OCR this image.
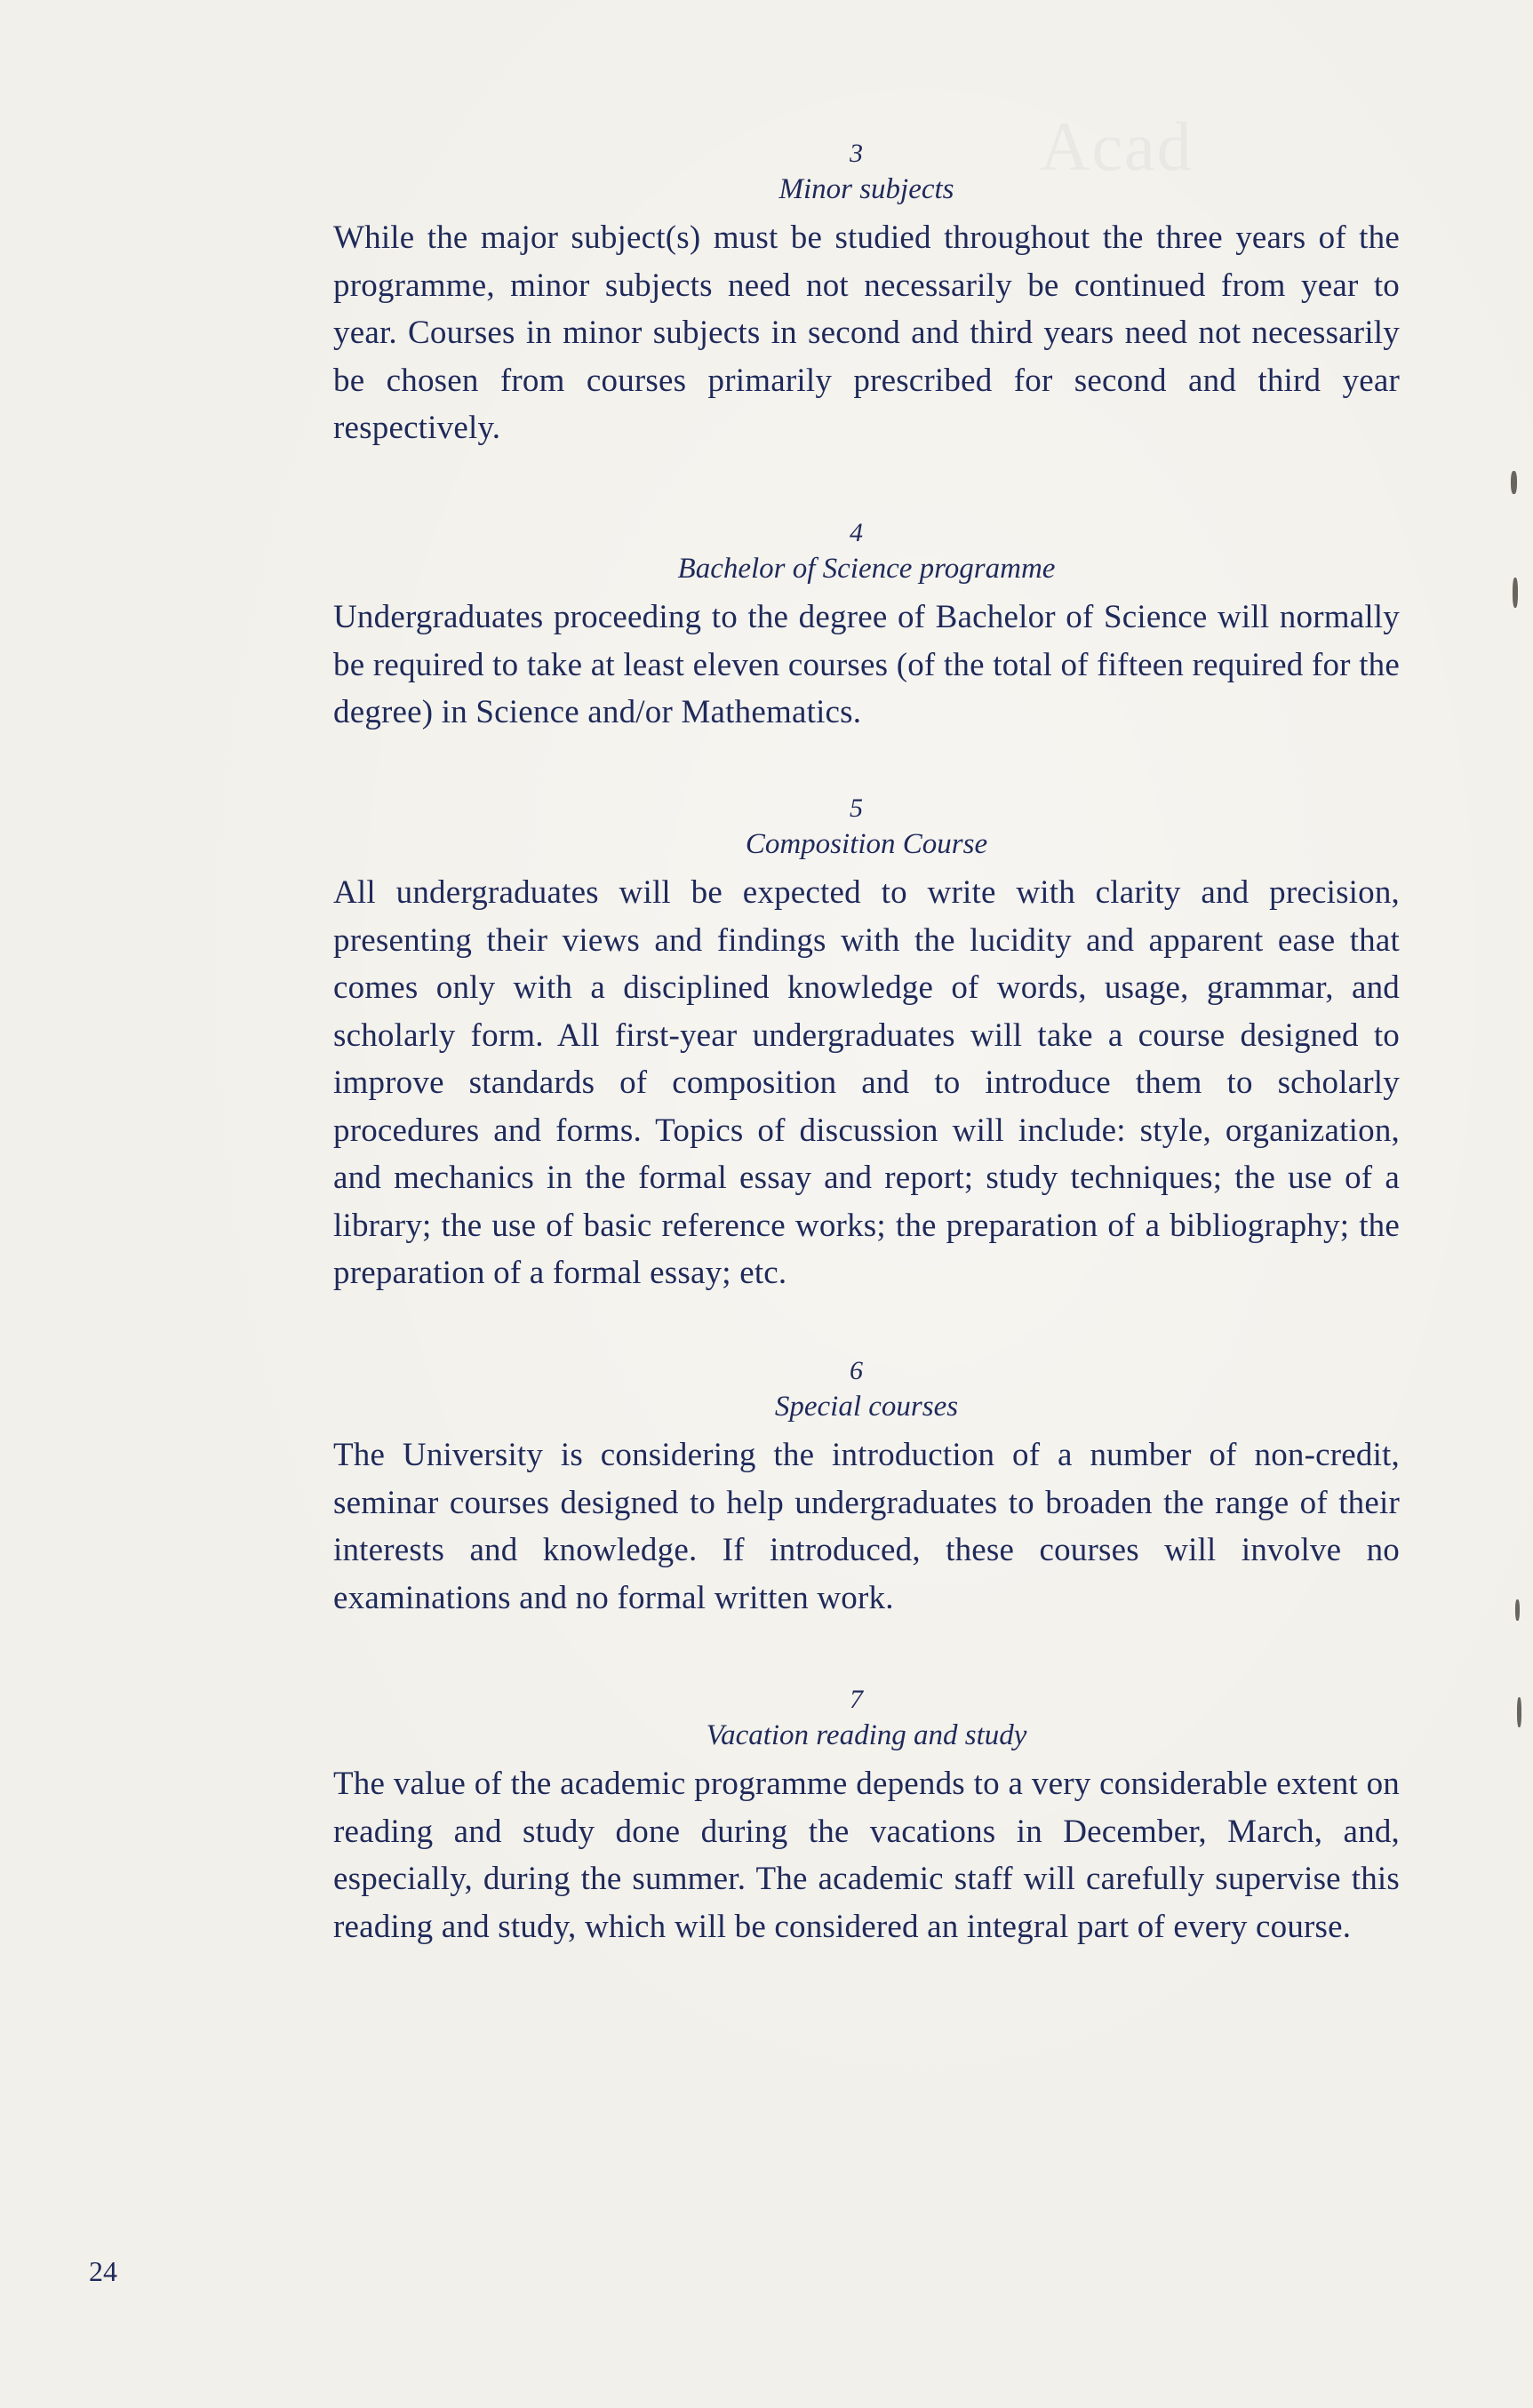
3
Minor subjects

While the major subject(s) must be studied throughout the three years of the programme, minor subjects need not necessarily be continued from year to year. Courses in minor subjects in second and third years need not necessarily be chosen from courses primarily prescribed for second and third year respectively.

4
Bachelor of Science programme

Undergraduates proceeding to the degree of Bachelor of Science will normally be required to take at least eleven courses (of the total of fifteen required for the degree) in Science and/or Mathematics.

5
Composition Course

All undergraduates will be expected to write with clarity and precision, presenting their views and findings with the lucidity and apparent ease that comes only with a disciplined knowledge of words, usage, grammar, and scholarly form. All first-year undergraduates will take a course designed to improve standards of composition and to introduce them to scholarly procedures and forms. Topics of discussion will include: style, organization, and mechanics in the formal essay and report; study techniques; the use of a library; the use of basic reference works; the preparation of a bibliography; the preparation of a formal essay; etc.

6
Special courses

The University is considering the introduction of a number of non-credit, seminar courses designed to help undergraduates to broaden the range of their interests and knowledge. If introduced, these courses will involve no examinations and no formal written work.

7
Vacation reading and study

The value of the academic programme depends to a very considerable extent on reading and study done during the vacations in December, March, and, especially, during the summer. The academic staff will carefully supervise this reading and study, which will be considered an integral part of every course.

24
